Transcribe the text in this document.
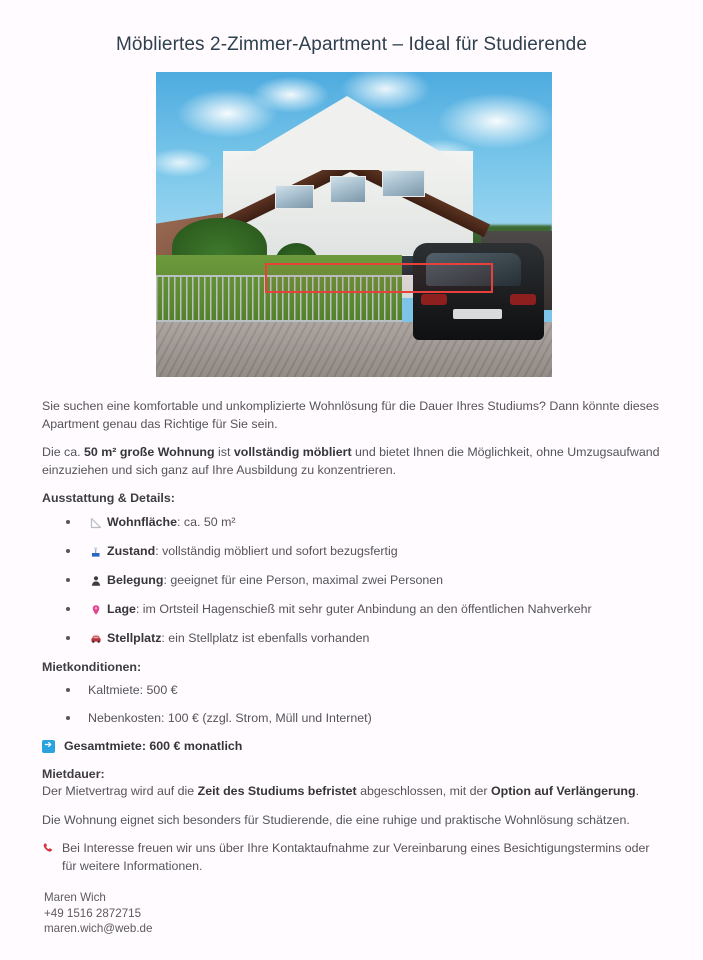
Möbliertes 2-Zimmer-Apartment – Ideal für Studierende

Sie suchen eine komfortable und unkomplizierte Wohnlösung für die Dauer Ihres Studiums? Dann könnte dieses Apartment genau das Richtige für Sie sein.

Die ca. 50 m² große Wohnung ist vollständig möbliert und bietet Ihnen die Möglichkeit, ohne Umzugsaufwand einzuziehen und sich ganz auf Ihre Ausbildung zu konzentrieren.

Ausstattung & Details:

Wohnfläche: ca. 50 m²
Zustand: vollständig möbliert und sofort bezugsfertig
Belegung: geeignet für eine Person, maximal zwei Personen
Lage: im Ortsteil Hagenschieß mit sehr guter Anbindung an den öffentlichen Nahverkehr
Stellplatz: ein Stellplatz ist ebenfalls vorhanden

Mietkonditionen:

Kaltmiete: 500 €
Nebenkosten: 100 € (zzgl. Strom, Müll und Internet)
Gesamtmiete: 600 € monatlich

Mietdauer:

Der Mietvertrag wird auf die Zeit des Studiums befristet abgeschlossen, mit der Option auf Verlängerung.

Die Wohnung eignet sich besonders für Studierende, die eine ruhige und praktische Wohnlösung schätzen.

Bei Interesse freuen wir uns über Ihre Kontaktaufnahme zur Vereinbarung eines Besichtigungstermins oder für weitere Informationen.

Maren Wich
+49 1516 2872715
maren.wich@web.de
